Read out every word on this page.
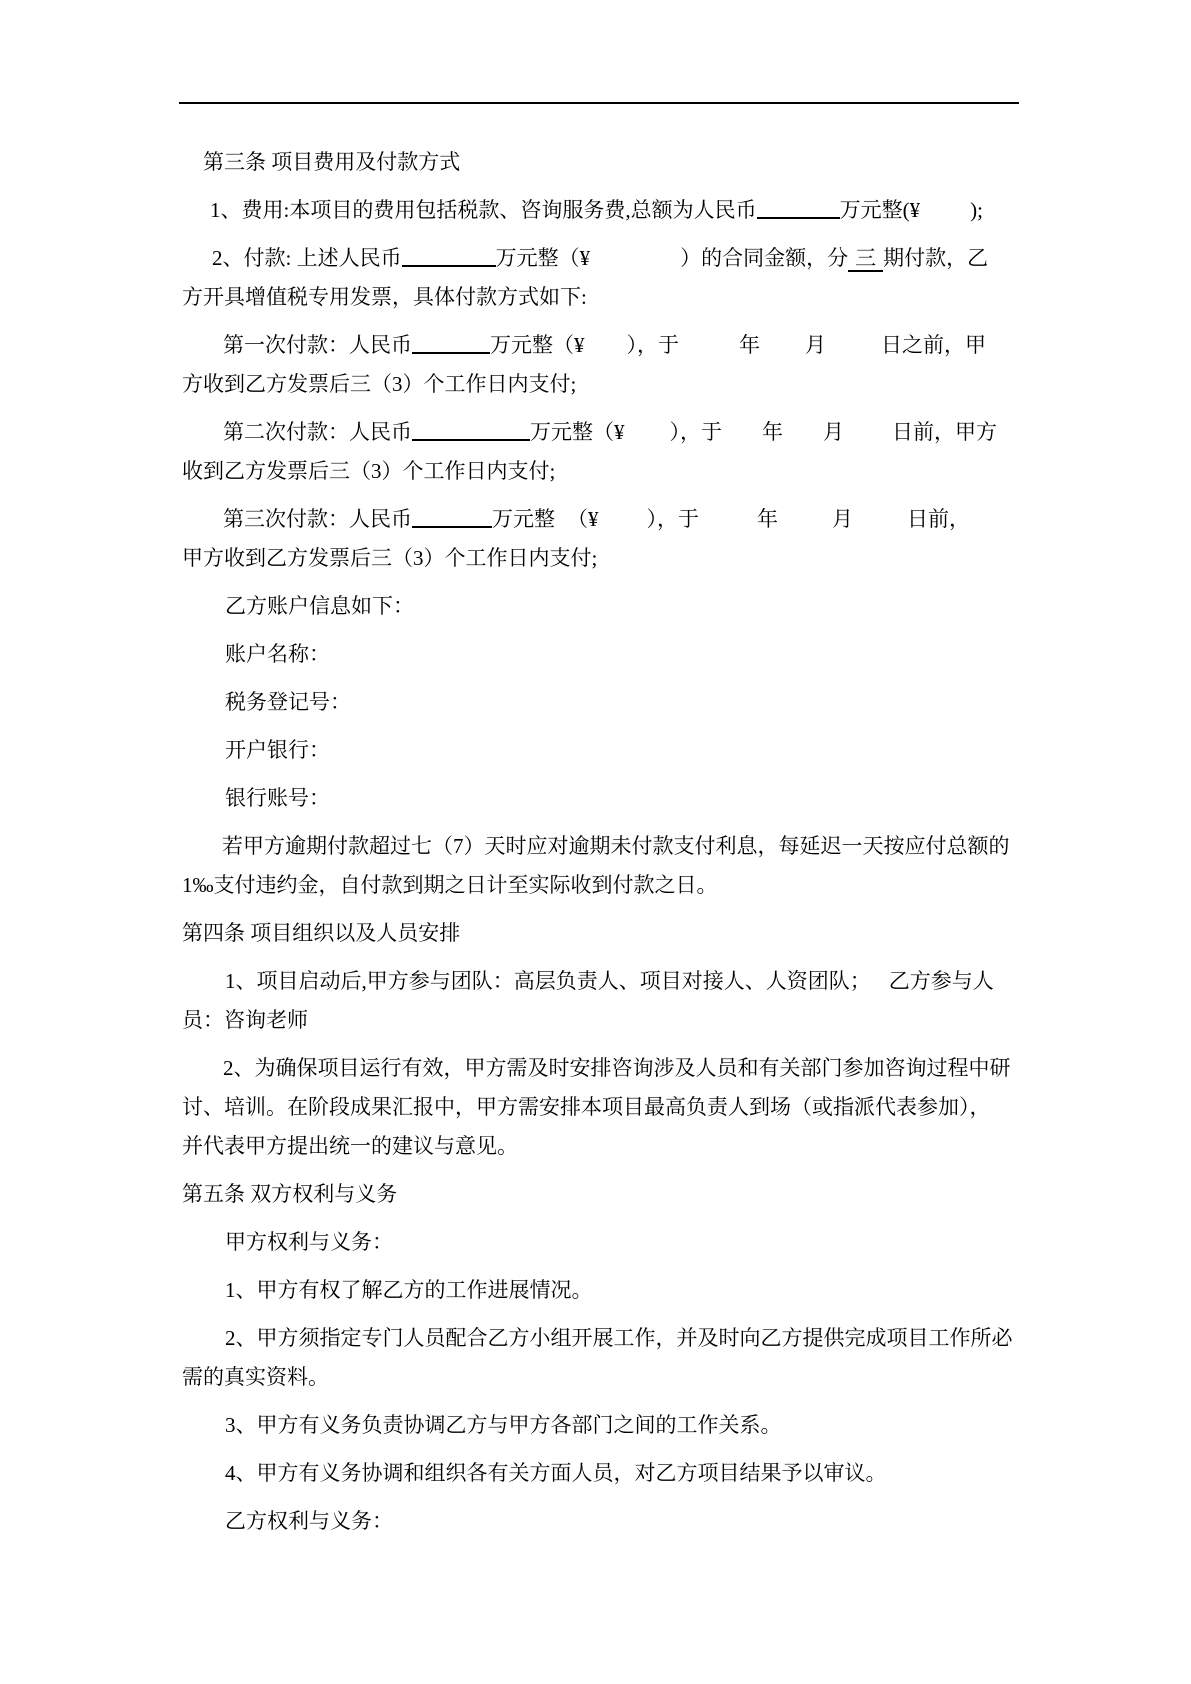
第三条 项目费用及付款方式
1、费用:本项目的费用包括税款、咨询服务费,总额为人民币	万元整(¥ );
2、付款: 上述人民币	万元整（¥	）的合同金额，分 三 期付款，乙
方开具增值税专用发票，具体付款方式如下:
第一次付款：人民币	万元整（¥ ），于	年 月	日之前，甲
方收到乙方发票后三（3）个工作日内支付;
第二次付款：人民币	万元整（¥ ），于 年 月 日前，甲方
收到乙方发票后三（3）个工作日内支付;
第三次付款：人民币	万元整 （¥ ），于	年	月	日前，
甲方收到乙方发票后三（3）个工作日内支付;
乙方账户信息如下：
账户名称：
税务登记号：
开户银行：
银行账号：
若甲方逾期付款超过七（7）天时应对逾期未付款支付利息，每延迟一天按应付总额的
1‰支付违约金，自付款到期之日计至实际收到付款之日。
第四条 项目组织以及人员安排
1、项目启动后,甲方参与团队：高层负责人、项目对接人、人资团队； 乙方参与人
员：咨询老师
2、为确保项目运行有效，甲方需及时安排咨询涉及人员和有关部门参加咨询过程中研
讨、培训。在阶段成果汇报中，甲方需安排本项目最高负责人到场（或指派代表参加），
并代表甲方提出统一的建议与意见。
第五条 双方权利与义务
甲方权利与义务：
1、甲方有权了解乙方的工作进展情况。
2、甲方须指定专门人员配合乙方小组开展工作，并及时向乙方提供完成项目工作所必
需的真实资料。
3、甲方有义务负责协调乙方与甲方各部门之间的工作关系。
4、甲方有义务协调和组织各有关方面人员，对乙方项目结果予以审议。
乙方权利与义务：
